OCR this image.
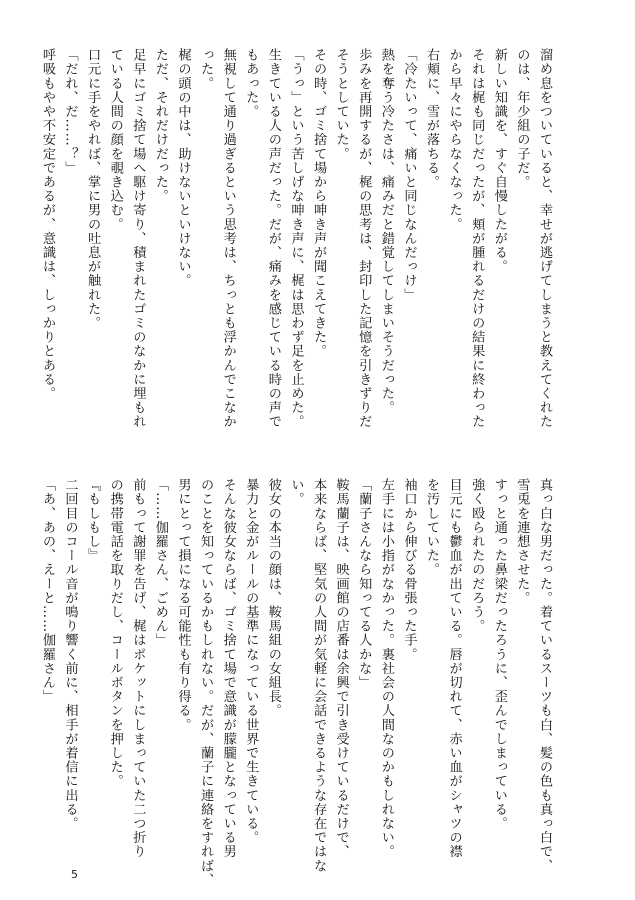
溜め息をついていると、幸せが逃げてしまうと教えてくれた

のは、年少組の子だ。

新しい知識を、すぐ自慢したがる。

それは梶も同じだったが、頬が腫れるだけの結果に終わった

から早々にやらなくなった。

右頬に、雪が落ちる。

「冷たいって、痛いと同じなんだっけ」

熱を奪う冷たさは、痛みだと錯覚してしまいそうだった。

歩みを再開するが、梶の思考は、封印した記憶を引きずりだ

そうとしていた。

その時、ゴミ捨て場から呻き声が聞こえてきた。

「うっ」という苦しげな呻き声に、梶は思わず足を止めた。

生きている人の声だった。だが、痛みを感じている時の声で

もあった。

無視して通り過ぎるという思考は、ちっとも浮かんでこなか

った。

梶の頭の中は、助けないといけない。

ただ、それだけだった。

足早にゴミ捨て場へ駆け寄り、積まれたゴミのなかに埋もれ

ている人間の顔を覗き込む。

口元に手をやれば、掌に男の吐息が触れた。

「だれ、だ……？」

呼吸もやや不安定であるが、意識は、しっかりとある。

真っ白な男だった。着ているスーツも白、髪の色も真っ白で、

雪兎を連想させた。

すっと通った鼻梁だったろうに、歪んでしまっている。

強く殴られたのだろう。

目元にも鬱血が出ている。唇が切れて、赤い血がシャツの襟

を汚していた。

袖口から伸びる骨張った手。

左手には小指がなかった。裏社会の人間なのかもしれない。

「蘭子さんなら知ってる人かな」

鞍馬蘭子は、映画館の店番は余興で引き受けているだけで、

本来ならば、堅気の人間が気軽に会話できるような存在ではな

い。

彼女の本当の顔は、鞍馬組の女組長。

暴力と金がルールの基準になっている世界で生きている。

そんな彼女ならば、ゴミ捨て場で意識が朦朧となっている男

のことを知っているかもしれない。だが、蘭子に連絡をすれば、

男にとって損になる可能性も有り得る。

「……伽羅さん、ごめん」

前もって謝罪を告げ、梶はポケットにしまっていた二つ折り

の携帯電話を取りだし、コールボタンを押した。

『もしもし』

二回目のコール音が鳴り響く前に、相手が着信に出る。

「あ、あの、えーと……伽羅さん」

5
